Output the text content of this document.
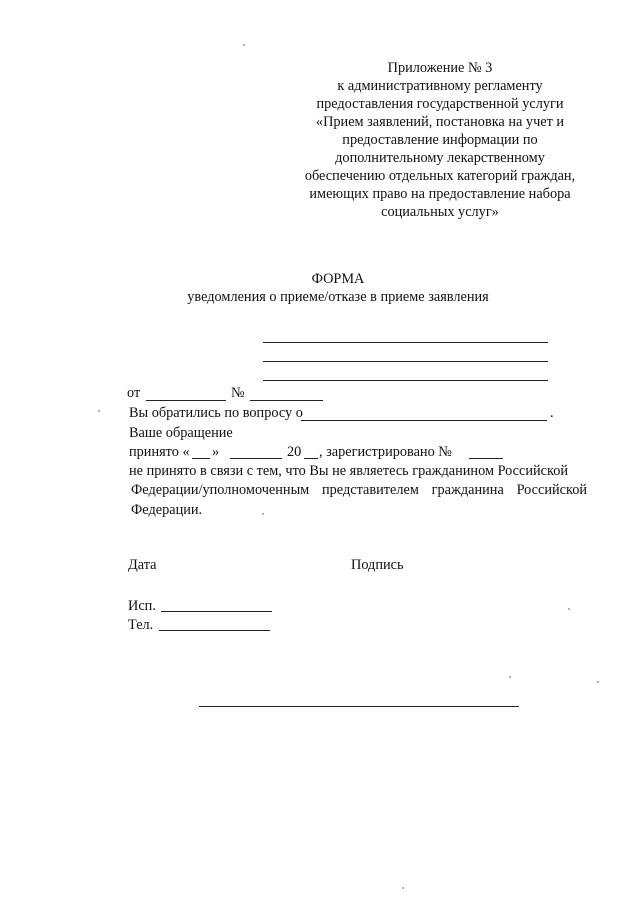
Приложение № 3
к административному регламенту
предоставления государственной услуги
«Прием заявлений, постановка на учет и
предоставление информации по
дополнительному лекарственному
обеспечению отдельных категорий граждан,
имеющих право на предоставление набора
социальных услуг»
ФОРМА
уведомления о приеме/отказе в приеме заявления
от	№
Вы обратились по вопросу о	.
Ваше обращение
принято « »	20 , зарегистрировано №
не принято в связи с тем, что Вы не являетесь гражданином Российской
Федерации/уполномоченным представителем гражданина Российской
Федерации.
Дата	Подпись
Исп.
Тел.
